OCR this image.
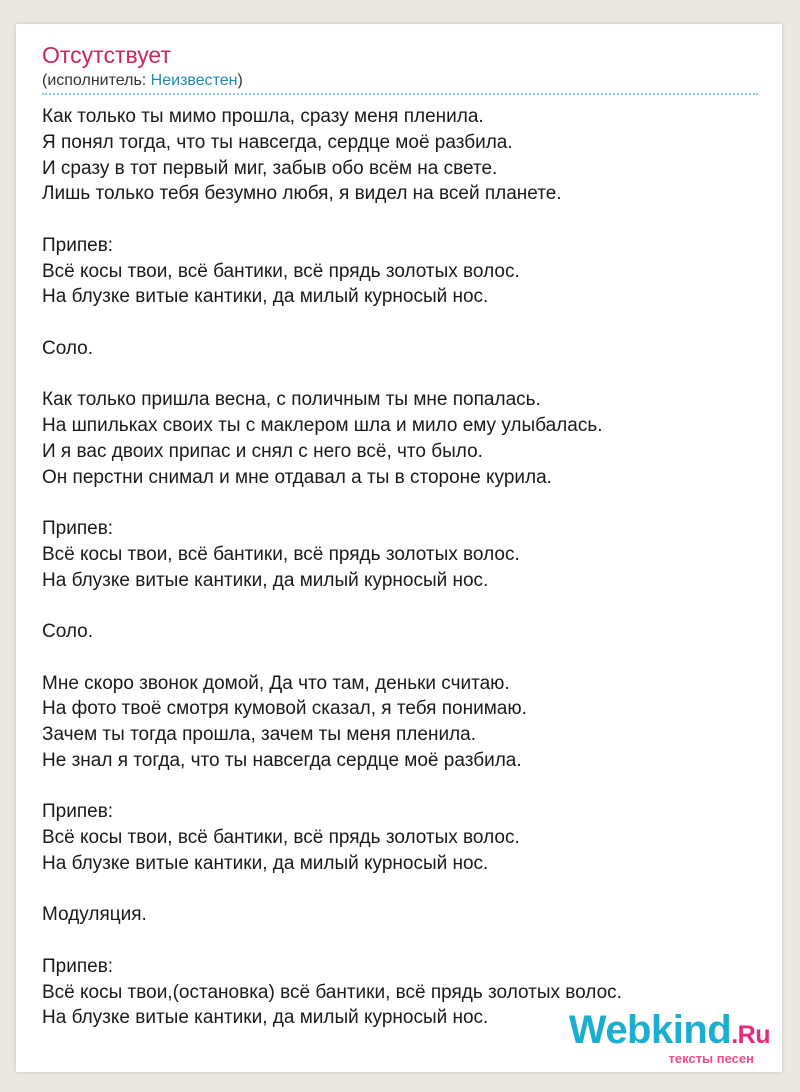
Отсутствует
(исполнитель: Неизвестен)
Как только ты мимо прошла, сразу меня пленила.
Я понял тогда, что ты навсегда, сердце моё разбила.
И сразу в тот первый миг, забыв обо всём на свете.
Лишь только тебя безумно любя, я видел на всей планете.
Припев:
Всё косы твои, всё бантики, всё прядь золотых волос.
На блузке витые кантики, да милый курносый нос.
Соло.
Как только пришла весна, с поличным ты мне попалась.
На шпильках своих ты с маклером шла и мило ему улыбалась.
И я вас двоих припас и снял с него всё, что было.
Он перстни снимал и мне отдавал а ты в стороне курила.
Припев:
Всё косы твои, всё бантики, всё прядь золотых волос.
На блузке витые кантики, да милый курносый нос.
Соло.
Мне скоро звонок домой, Да что там, деньки считаю.
На фото твоё смотря кумовой сказал, я тебя понимаю.
Зачем ты тогда прошла, зачем ты меня пленила.
Не знал я тогда, что ты навсегда сердце моё разбила.
Припев:
Всё косы твои, всё бантики, всё прядь золотых волос.
На блузке витые кантики, да милый курносый нос.
Модуляция.
Припев:
Всё косы твои,(остановка) всё бантики, всё прядь золотых волос.
На блузке витые кантики, да милый курносый нос.	Webkind.Ru
тексты песен
